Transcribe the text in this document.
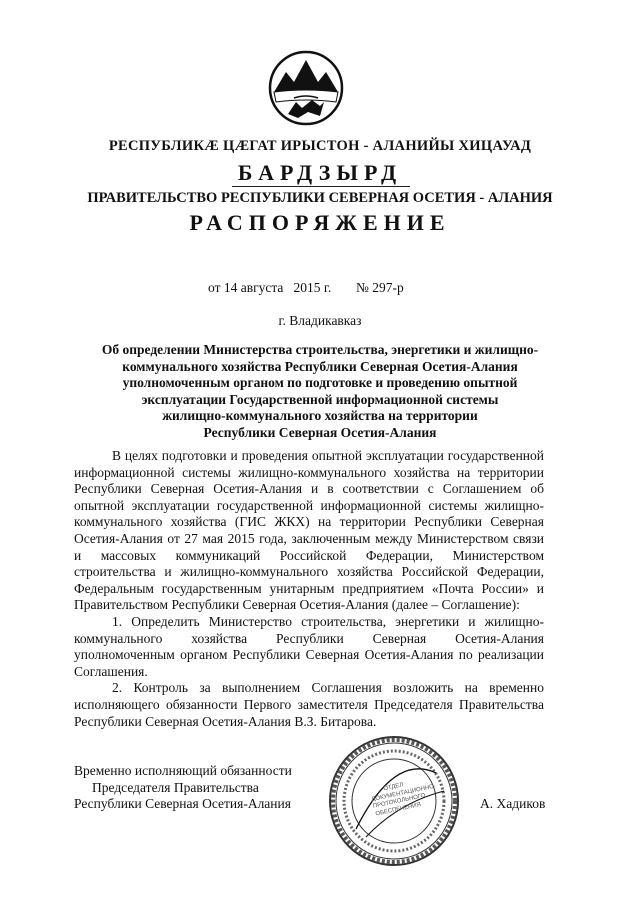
РЕСПУБЛИКӔ ЦӔГАТ ИРЫСТОН - АЛАНИЙЫ ХИЦАУАД
БАРДЗЫРД
ПРАВИТЕЛЬСТВО РЕСПУБЛИКИ СЕВЕРНАЯ ОСЕТИЯ - АЛАНИЯ
РАСПОРЯЖЕНИЕ
от 14 августа   2015 г. № 297-р
г. Владикавказ
Об определении Министерства строительства, энергетики и жилищно-
коммунального хозяйства Республики Северная Осетия-Алания
уполномоченным органом по подготовке и проведению опытной
эксплуатации Государственной информационной системы
жилищно-коммунального хозяйства на территории
Республики Северная Осетия-Алания

В целях подготовки и проведения опытной эксплуатации государственной информационной системы жилищно-коммунального хозяйства на территории Республики Северная Осетия-Алания и в соответствии с Соглашением об опытной эксплуатации государственной информационной системы жилищно-коммунального хозяйства (ГИС ЖКХ) на территории Республики Северная Осетия-Алания от 27 мая 2015 года, заключенным между Министерством связи и массовых коммуникаций Российской Федерации, Министерством строительства и жилищно-коммунального хозяйства Российской Федерации, Федеральным государственным унитарным предприятием «Почта России» и Правительством Республики Северная Осетия-Алания (далее – Соглашение):

1. Определить Министерство строительства, энергетики и жилищно-коммунального хозяйства Республики Северная Осетия-Алания уполномоченным органом Республики Северная Осетия-Алания по реализации Соглашения.

2. Контроль за выполнением Соглашения возложить на временно исполняющего обязанности Первого заместителя Председателя Правительства Республики Северная Осетия-Алания В.З. Битарова.

Временно исполняющий обязанности
Председателя Правительства
Республики Северная Осетия-Алания
ОТДЕЛ ДОКУМЕНТАЦИОННО-ПРОТОКОЛЬНОГО ОБЕСПЕЧЕНИЯ	А. Хадиков
